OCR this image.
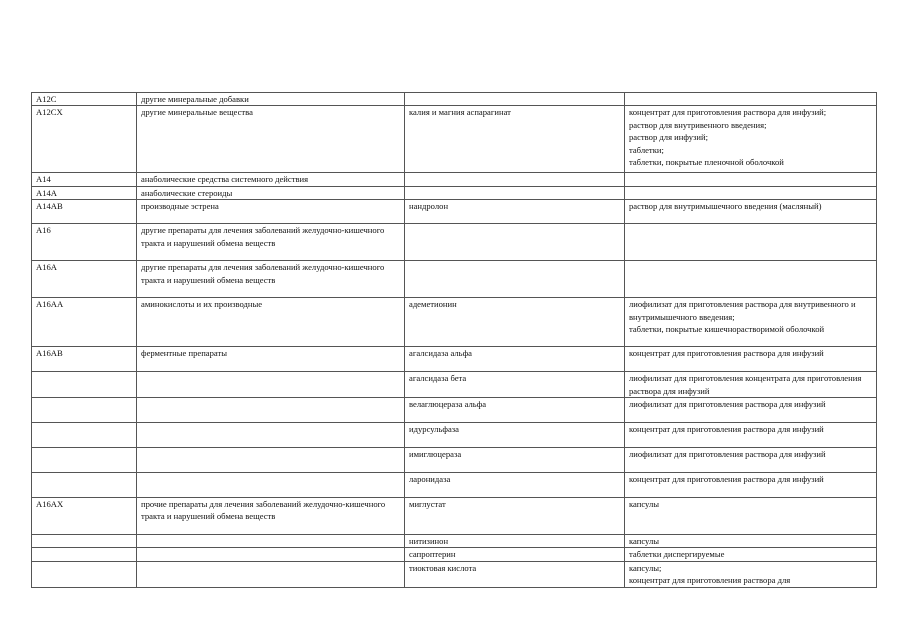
A12C	другие минеральные добавки		
A12CX	другие минеральные вещества	калия и магния аспарагинат	концентрат для приготовления раствора для инфузий;
раствор для внутривенного введения;
раствор для инфузий;
таблетки;
таблетки, покрытые пленочной оболочкой
A14	анаболические средства системного действия		
A14A	анаболические стероиды		
A14AB	производные эстрена	нандролон	раствор для внутримышечного введения (масляный)
A16	другие препараты для лечения заболеваний желудочно-кишечного тракта и нарушений обмена веществ		
A16A	другие препараты для лечения заболеваний желудочно-кишечного тракта и нарушений обмена веществ		
A16AA	аминокислоты и их производные	адеметионин	лиофилизат для приготовления раствора для внутривенного и внутримышечного введения;
таблетки, покрытые кишечнорастворимой оболочкой
A16AB	ферментные препараты	агалсидаза альфа	концентрат для приготовления раствора для инфузий
		агалсидаза бета	лиофилизат для приготовления концентрата для приготовления раствора для инфузий
		велаглюцераза альфа	лиофилизат для приготовления раствора для инфузий
		идурсульфаза	концентрат для приготовления раствора для инфузий
		имиглюцераза	лиофилизат для приготовления раствора для инфузий
		ларонидаза	концентрат для приготовления раствора для инфузий
A16AX	прочие препараты для лечения заболеваний желудочно-кишечного тракта и нарушений обмена веществ	миглустат	капсулы
		нитизинон	капсулы
		сапроптерин	таблетки диспергируемые
		тиоктовая кислота	капсулы;
концентрат для приготовления раствора для
